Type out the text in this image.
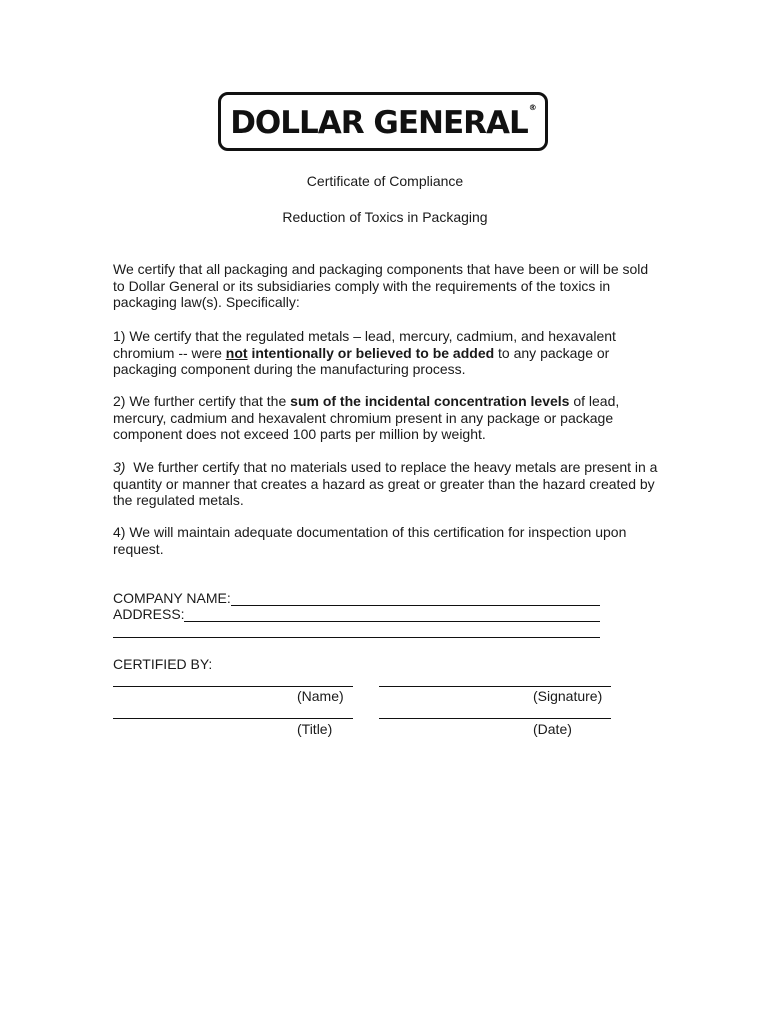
DOLLAR GENERAL®
Certificate of Compliance
Reduction of Toxics in Packaging

We certify that all packaging and packaging components that have been or will be sold to Dollar General or its subsidiaries comply with the requirements of the toxics in packaging law(s). Specifically:

1) We certify that the regulated metals – lead, mercury, cadmium, and hexavalent chromium -- were not intentionally or believed to be added to any package or packaging component during the manufacturing process.

2) We further certify that the sum of the incidental concentration levels of lead, mercury, cadmium and hexavalent chromium present in any package or package component does not exceed 100 parts per million by weight.

3)  We further certify that no materials used to replace the heavy metals are present in a quantity or manner that creates a hazard as great or greater than the hazard created by the regulated metals.

4) We will maintain adequate documentation of this certification for inspection upon request.

COMPANY NAME:
ADDRESS:
CERTIFIED BY:
(Name)	(Signature)
(Title)	(Date)
